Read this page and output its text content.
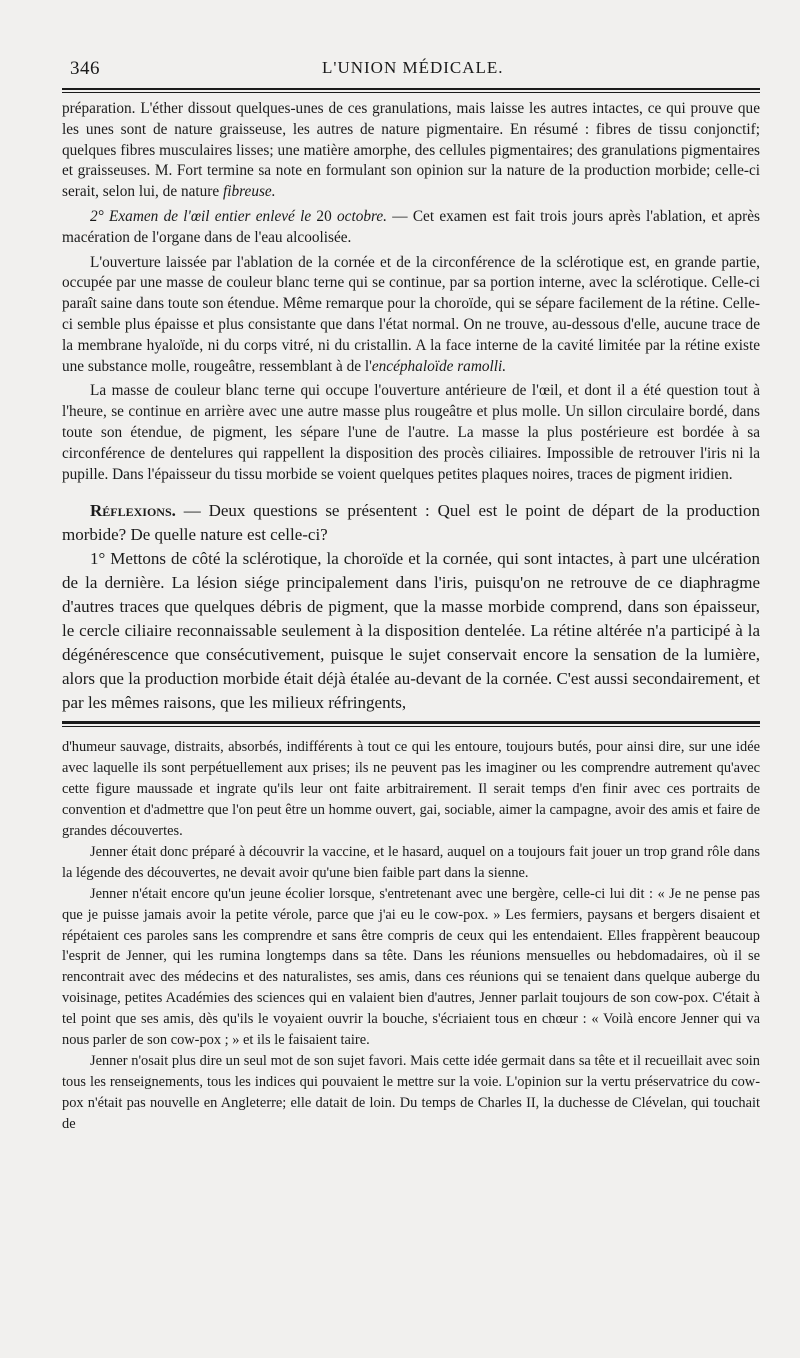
346	L'UNION MÉDICALE.

préparation. L'éther dissout quelques-unes de ces granulations, mais laisse les autres intactes, ce qui prouve que les unes sont de nature graisseuse, les autres de nature pigmentaire. En résumé : fibres de tissu conjonctif; quelques fibres musculaires lisses; une matière amorphe, des cellules pigmentaires; des granulations pigmentaires et graisseuses. M. Fort termine sa note en formulant son opinion sur la nature de la production morbide; celle-ci serait, selon lui, de nature fibreuse.

2° Examen de l'œil entier enlevé le 20 octobre. — Cet examen est fait trois jours après l'ablation, et après macération de l'organe dans de l'eau alcoolisée.

L'ouverture laissée par l'ablation de la cornée et de la circonférence de la sclérotique est, en grande partie, occupée par une masse de couleur blanc terne qui se continue, par sa portion interne, avec la sclérotique. Celle-ci paraît saine dans toute son étendue. Même remarque pour la choroïde, qui se sépare facilement de la rétine. Celle-ci semble plus épaisse et plus consistante que dans l'état normal. On ne trouve, au-dessous d'elle, aucune trace de la membrane hyaloïde, ni du corps vitré, ni du cristallin. A la face interne de la cavité limitée par la rétine existe une substance molle, rougeâtre, ressemblant à de l'encéphaloïde ramolli.

La masse de couleur blanc terne qui occupe l'ouverture antérieure de l'œil, et dont il a été question tout à l'heure, se continue en arrière avec une autre masse plus rougeâtre et plus molle. Un sillon circulaire bordé, dans toute son étendue, de pigment, les sépare l'une de l'autre. La masse la plus postérieure est bordée à sa circonférence de dentelures qui rappellent la disposition des procès ciliaires. Impossible de retrouver l'iris ni la pupille. Dans l'épaisseur du tissu morbide se voient quelques petites plaques noires, traces de pigment iridien.

Réflexions. — Deux questions se présentent : Quel est le point de départ de la production morbide? De quelle nature est celle-ci?

1° Mettons de côté la sclérotique, la choroïde et la cornée, qui sont intactes, à part une ulcération de la dernière. La lésion siége principalement dans l'iris, puisqu'on ne retrouve de ce diaphragme d'autres traces que quelques débris de pigment, que la masse morbide comprend, dans son épaisseur, le cercle ciliaire reconnaissable seulement à la disposition dentelée. La rétine altérée n'a participé à la dégénérescence que consécutivement, puisque le sujet conservait encore la sensation de la lumière, alors que la production morbide était déjà étalée au-devant de la cornée. C'est aussi secondairement, et par les mêmes raisons, que les milieux réfringents,

d'humeur sauvage, distraits, absorbés, indifférents à tout ce qui les entoure, toujours butés, pour ainsi dire, sur une idée avec laquelle ils sont perpétuellement aux prises; ils ne peuvent pas les imaginer ou les comprendre autrement qu'avec cette figure maussade et ingrate qu'ils leur ont faite arbitrairement. Il serait temps d'en finir avec ces portraits de convention et d'admettre que l'on peut être un homme ouvert, gai, sociable, aimer la campagne, avoir des amis et faire de grandes découvertes.

Jenner était donc préparé à découvrir la vaccine, et le hasard, auquel on a toujours fait jouer un trop grand rôle dans la légende des découvertes, ne devait avoir qu'une bien faible part dans la sienne.

Jenner n'était encore qu'un jeune écolier lorsque, s'entretenant avec une bergère, celle-ci lui dit : « Je ne pense pas que je puisse jamais avoir la petite vérole, parce que j'ai eu le cow-pox. » Les fermiers, paysans et bergers disaient et répétaient ces paroles sans les comprendre et sans être compris de ceux qui les entendaient. Elles frappèrent beaucoup l'esprit de Jenner, qui les rumina longtemps dans sa tête. Dans les réunions mensuelles ou hebdomadaires, où il se rencontrait avec des médecins et des naturalistes, ses amis, dans ces réunions qui se tenaient dans quelque auberge du voisinage, petites Académies des sciences qui en valaient bien d'autres, Jenner parlait toujours de son cow-pox. C'était à tel point que ses amis, dès qu'ils le voyaient ouvrir la bouche, s'écriaient tous en chœur : « Voilà encore Jenner qui va nous parler de son cow-pox ; » et ils le faisaient taire.

Jenner n'osait plus dire un seul mot de son sujet favori. Mais cette idée germait dans sa tête et il recueillait avec soin tous les renseignements, tous les indices qui pouvaient le mettre sur la voie. L'opinion sur la vertu préservatrice du cow-pox n'était pas nouvelle en Angleterre; elle datait de loin. Du temps de Charles II, la duchesse de Clévelan, qui touchait de
